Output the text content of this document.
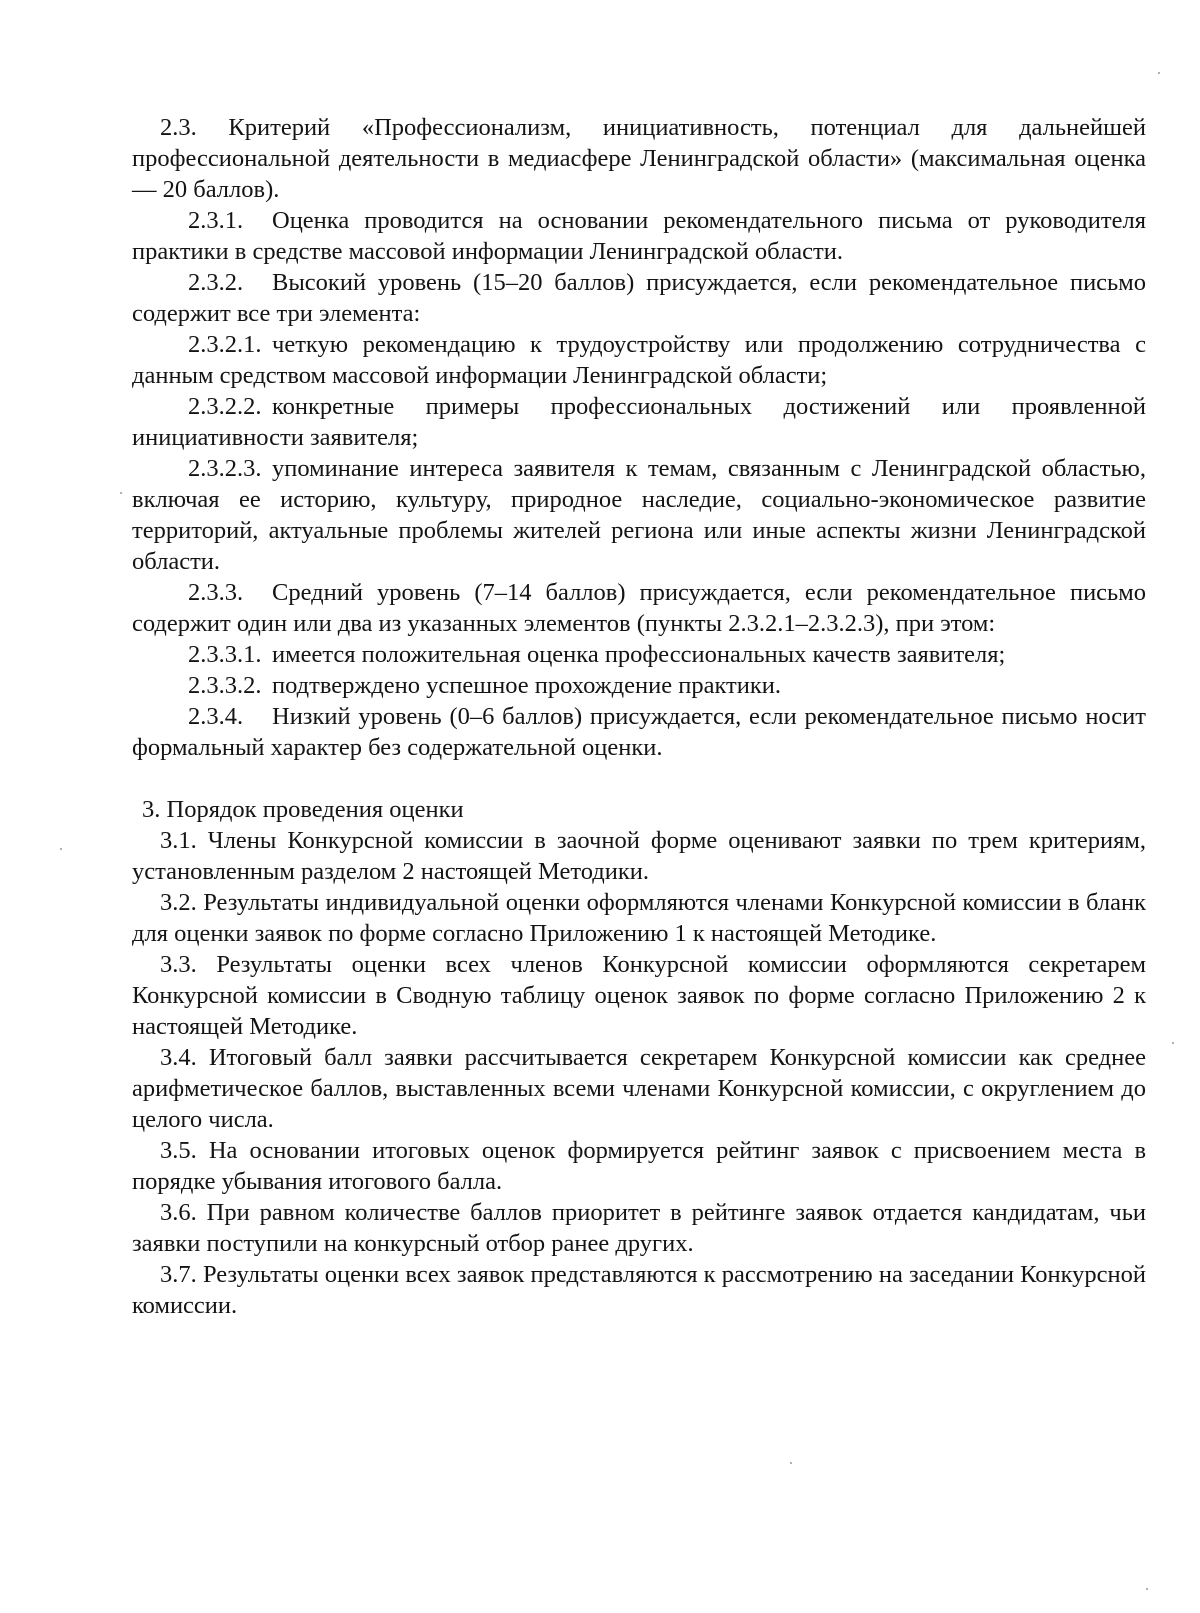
2.3. Критерий «Профессионализм, инициативность, потенциал для дальнейшей профессиональной деятельности в медиасфере Ленинградской области» (максимальная оценка — 20 баллов).

2.3.1. Оценка проводится на основании рекомендательного письма от руководителя практики в средстве массовой информации Ленинградской области.

2.3.2. Высокий уровень (15–20 баллов) присуждается, если рекомендательное письмо содержит все три элемента:

2.3.2.1. четкую рекомендацию к трудоустройству или продолжению сотрудничества с данным средством массовой информации Ленинградской области;

2.3.2.2. конкретные примеры профессиональных достижений или проявленной инициативности заявителя;

2.3.2.3. упоминание интереса заявителя к темам, связанным с Ленинградской областью, включая ее историю, культуру, природное наследие, социально-экономическое развитие территорий, актуальные проблемы жителей региона или иные аспекты жизни Ленинградской области.

2.3.3. Средний уровень (7–14 баллов) присуждается, если рекомендательное письмо содержит один или два из указанных элементов (пункты 2.3.2.1–2.3.2.3), при этом:

2.3.3.1. имеется положительная оценка профессиональных качеств заявителя;

2.3.3.2. подтверждено успешное прохождение практики.

2.3.4. Низкий уровень (0–6 баллов) присуждается, если рекомендательное письмо носит формальный характер без содержательной оценки.

3. Порядок проведения оценки

3.1. Члены Конкурсной комиссии в заочной форме оценивают заявки по трем критериям, установленным разделом 2 настоящей Методики.

3.2. Результаты индивидуальной оценки оформляются членами Конкурсной комиссии в бланк для оценки заявок по форме согласно Приложению 1 к настоящей Методике.

3.3. Результаты оценки всех членов Конкурсной комиссии оформляются секретарем Конкурсной комиссии в Сводную таблицу оценок заявок по форме согласно Приложению 2 к настоящей Методике.

3.4. Итоговый балл заявки рассчитывается секретарем Конкурсной комиссии как среднее арифметическое баллов, выставленных всеми членами Конкурсной комиссии, с округлением до целого числа.

3.5. На основании итоговых оценок формируется рейтинг заявок с присвоением места в порядке убывания итогового балла.

3.6. При равном количестве баллов приоритет в рейтинге заявок отдается кандидатам, чьи заявки поступили на конкурсный отбор ранее других.

3.7. Результаты оценки всех заявок представляются к рассмотрению на заседании Конкурсной комиссии.
